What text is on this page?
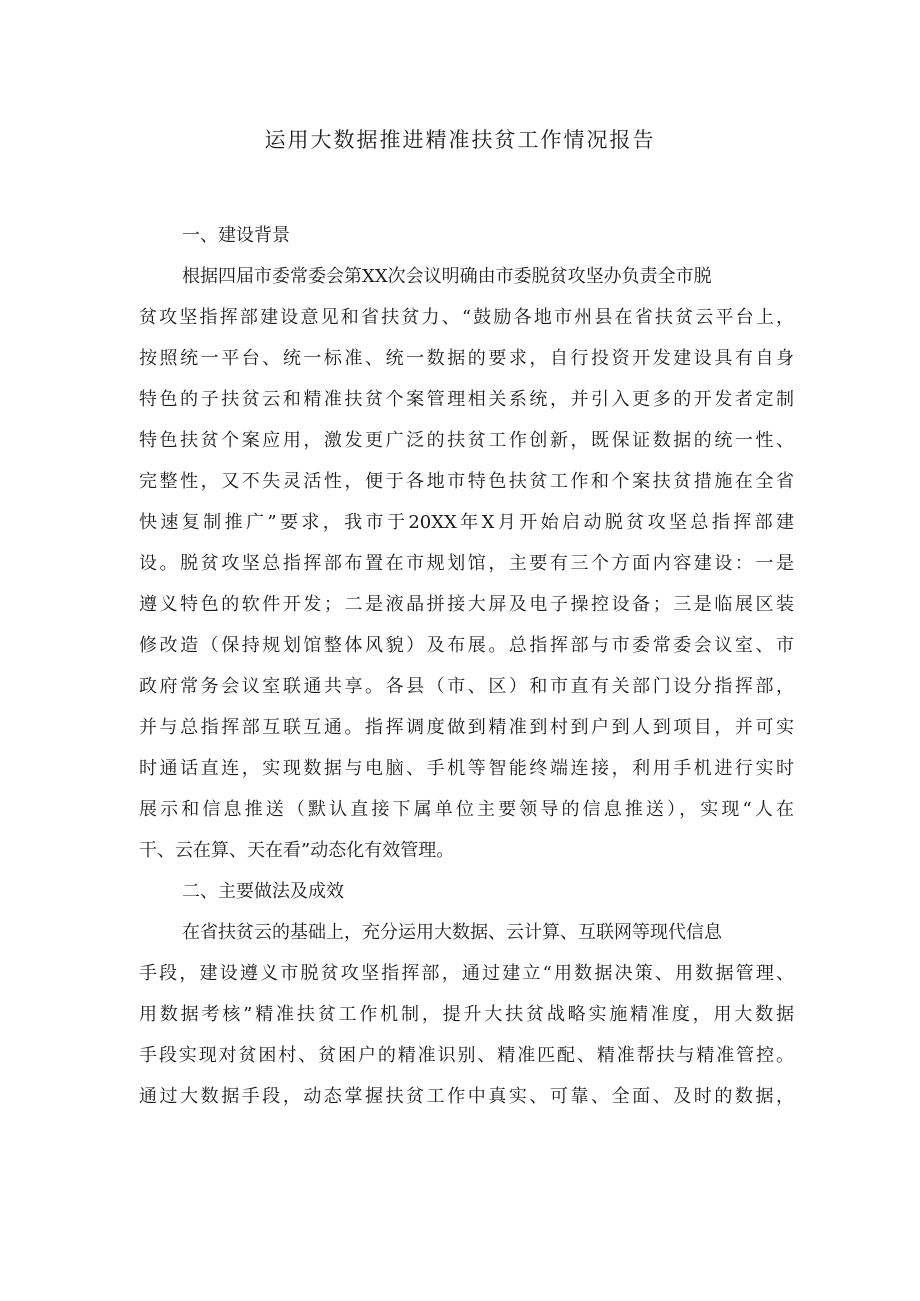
运用大数据推进精准扶贫工作情况报告
一、建设背景
根据四届市委常委会第XX次会议明确由市委脱贫攻坚办负责全市脱
贫攻坚指挥部建设意见和省扶贫力、“鼓励各地市州县在省扶贫云平台上，
按照统一平台、统一标准、统一数据的要求，自行投资开发建设具有自身
特色的子扶贫云和精准扶贫个案管理相关系统，并引入更多的开发者定制
特色扶贫个案应用，激发更广泛的扶贫工作创新，既保证数据的统一性、
完整性，又不失灵活性，便于各地市特色扶贫工作和个案扶贫措施在全省
快速复制推广”要求，我市于20XX年X月开始启动脱贫攻坚总指挥部建
设。脱贫攻坚总指挥部布置在市规划馆，主要有三个方面内容建设：一是
遵义特色的软件开发；二是液晶拼接大屏及电子操控设备；三是临展区装
修改造（保持规划馆整体风貌）及布展。总指挥部与市委常委会议室、市
政府常务会议室联通共享。各县（市、区）和市直有关部门设分指挥部，
并与总指挥部互联互通。指挥调度做到精准到村到户到人到项目，并可实
时通话直连，实现数据与电脑、手机等智能终端连接，利用手机进行实时
展示和信息推送（默认直接下属单位主要领导的信息推送），实现“人在
干、云在算、天在看”动态化有效管理。
二、主要做法及成效
在省扶贫云的基础上，充分运用大数据、云计算、互联网等现代信息
手段，建设遵义市脱贫攻坚指挥部，通过建立“用数据决策、用数据管理、
用数据考核”精准扶贫工作机制，提升大扶贫战略实施精准度，用大数据
手段实现对贫困村、贫困户的精准识别、精准匹配、精准帮扶与精准管控。
通过大数据手段，动态掌握扶贫工作中真实、可靠、全面、及时的数据，
